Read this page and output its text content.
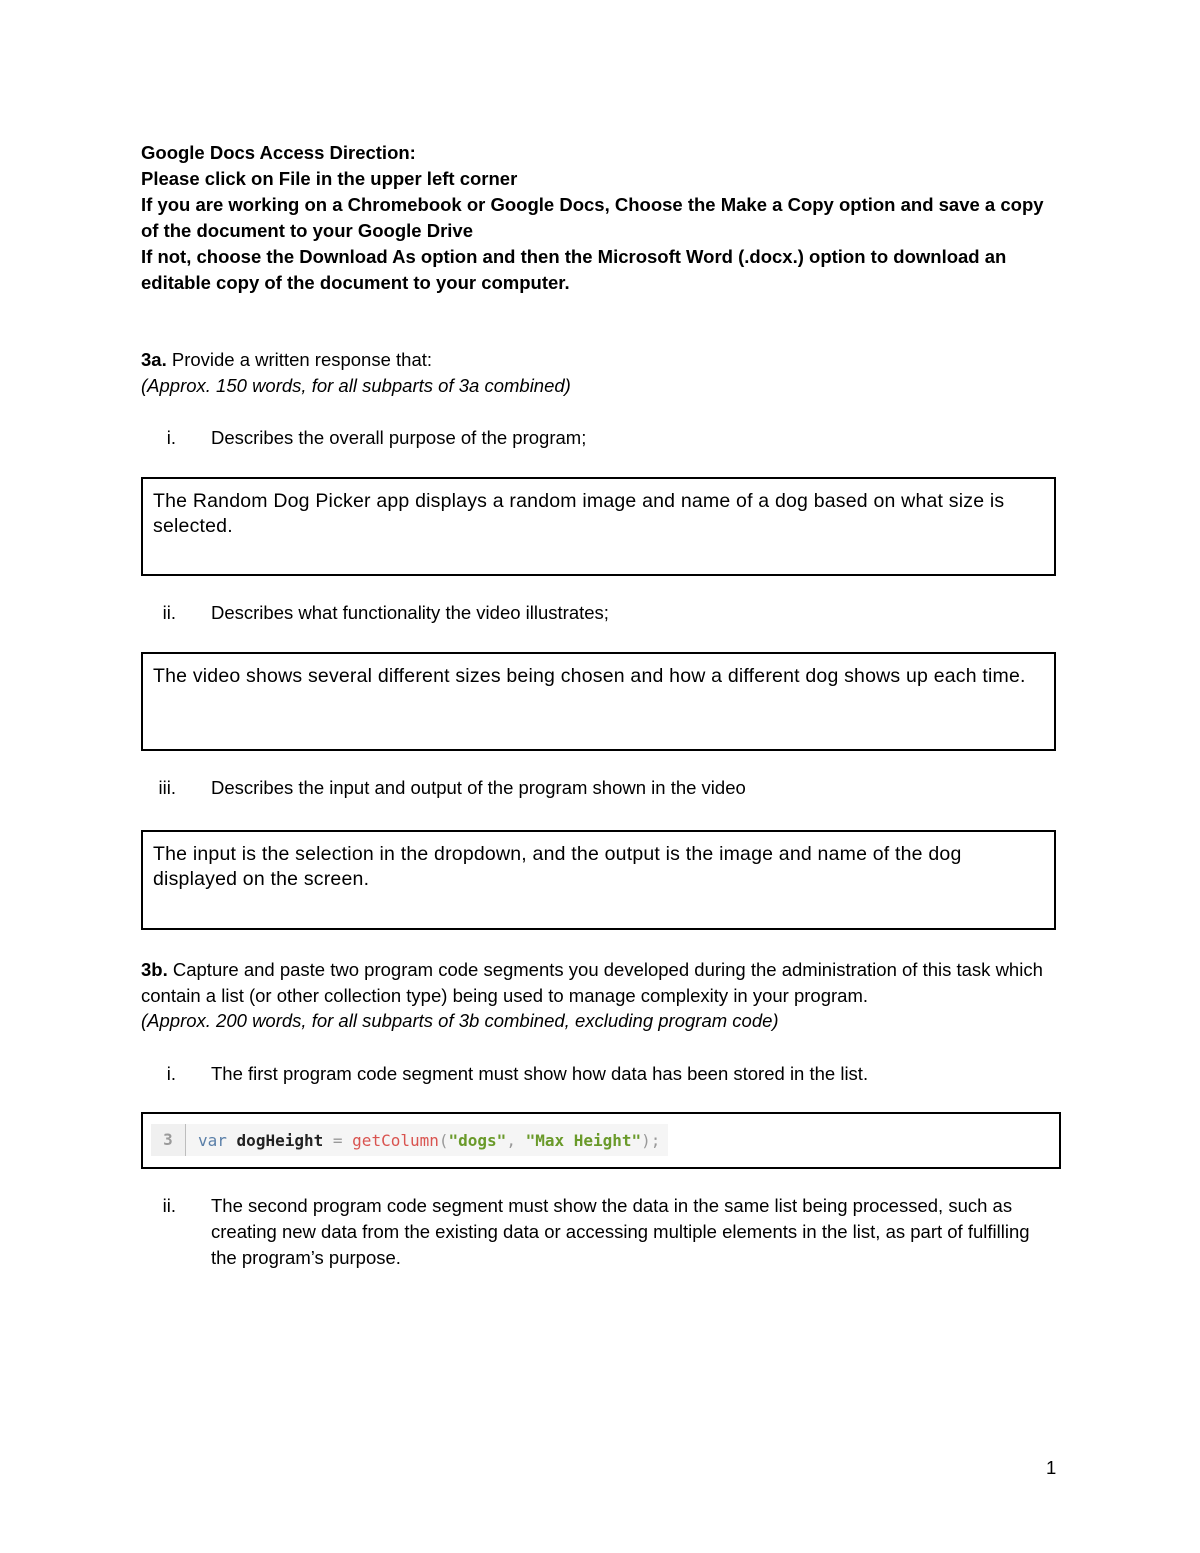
Google Docs Access Direction:

Please click on File in the upper left corner

If you are working on a Chromebook or Google Docs, Choose the Make a Copy option and save a copy of the document to your Google Drive

If not, choose the Download As option and then the Microsoft Word (.docx.) option to download an editable copy of the document to your computer.

3a. Provide a written response that:

(Approx. 150 words, for all subparts of 3a combined)

i. Describes the overall purpose of the program;
The Random Dog Picker app displays a random image and name of a dog based on what size is selected.
ii. Describes what functionality the video illustrates;
The video shows several different sizes being chosen and how a different dog shows up each time.
iii. Describes the input and output of the program shown in the video
The input is the selection in the dropdown, and the output is the image and name of the dog displayed on the screen.

3b. Capture and paste two program code segments you developed during the administration of this task which contain a list (or other collection type) being used to manage complexity in your program.

(Approx. 200 words, for all subparts of 3b combined, excluding program code)

i. The first program code segment must show how data has been stored in the list.
3	var dogHeight = getColumn("dogs", "Max Height");
ii. The second program code segment must show the data in the same list being processed, such as creating new data from the existing data or accessing multiple elements in the list, as part of fulfilling the program’s purpose.
1
